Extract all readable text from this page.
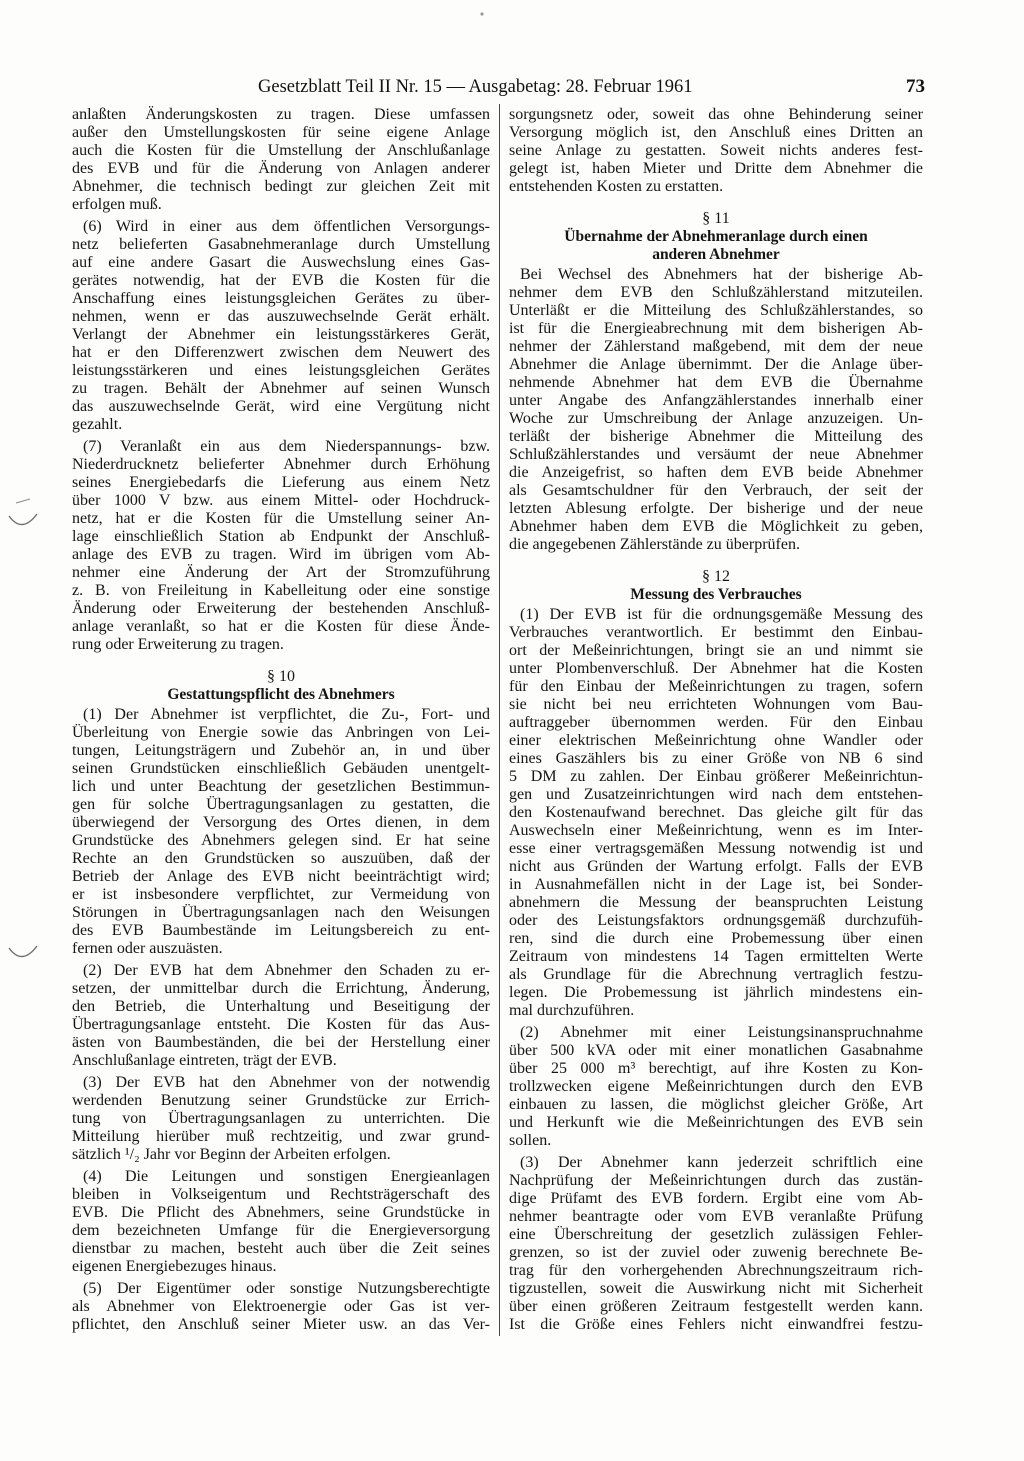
Gesetzblatt Teil II Nr. 15 — Ausgabetag: 28. Februar 1961	73
anlaßten Änderungskosten zu tragen. Diese umfassen
außer den Umstellungskosten für seine eigene Anlage
auch die Kosten für die Umstellung der Anschlußanlage
des EVB und für die Änderung von Anlagen anderer
Abnehmer, die technisch bedingt zur gleichen Zeit mit
erfolgen muß.
(6) Wird in einer aus dem öffentlichen Versorgungs-
netz belieferten Gasabnehmeranlage durch Umstellung
auf eine andere Gasart die Auswechslung eines Gas-
gerätes notwendig, hat der EVB die Kosten für die
Anschaffung eines leistungsgleichen Gerätes zu über-
nehmen, wenn er das auszuwechselnde Gerät erhält.
Verlangt der Abnehmer ein leistungsstärkeres Gerät,
hat er den Differenzwert zwischen dem Neuwert des
leistungsstärkeren und eines leistungsgleichen Gerätes
zu tragen. Behält der Abnehmer auf seinen Wunsch
das auszuwechselnde Gerät, wird eine Vergütung nicht
gezahlt.
(7) Veranlaßt ein aus dem Niederspannungs- bzw.
Niederdrucknetz belieferter Abnehmer durch Erhöhung
seines Energiebedarfs die Lieferung aus einem Netz
über 1000 V bzw. aus einem Mittel- oder Hochdruck-
netz, hat er die Kosten für die Umstellung seiner An-
lage einschließlich Station ab Endpunkt der Anschluß-
anlage des EVB zu tragen. Wird im übrigen vom Ab-
nehmer eine Änderung der Art der Stromzuführung
z. B. von Freileitung in Kabelleitung oder eine sonstige
Änderung oder Erweiterung der bestehenden Anschluß-
anlage veranlaßt, so hat er die Kosten für diese Ände-
rung oder Erweiterung zu tragen.
§ 10
Gestattungspflicht des Abnehmers
(1) Der Abnehmer ist verpflichtet, die Zu-, Fort- und
Überleitung von Energie sowie das Anbringen von Lei-
tungen, Leitungsträgern und Zubehör an, in und über
seinen Grundstücken einschließlich Gebäuden unentgelt-
lich und unter Beachtung der gesetzlichen Bestimmun-
gen für solche Übertragungsanlagen zu gestatten, die
überwiegend der Versorgung des Ortes dienen, in dem
Grundstücke des Abnehmers gelegen sind. Er hat seine
Rechte an den Grundstücken so auszuüben, daß der
Betrieb der Anlage des EVB nicht beeinträchtigt wird;
er ist insbesondere verpflichtet, zur Vermeidung von
Störungen in Übertragungsanlagen nach den Weisungen
des EVB Baumbestände im Leitungsbereich zu ent-
fernen oder auszuästen.
(2) Der EVB hat dem Abnehmer den Schaden zu er-
setzen, der unmittelbar durch die Errichtung, Änderung,
den Betrieb, die Unterhaltung und Beseitigung der
Übertragungsanlage entsteht. Die Kosten für das Aus-
ästen von Baumbeständen, die bei der Herstellung einer
Anschlußanlage eintreten, trägt der EVB.
(3) Der EVB hat den Abnehmer von der notwendig
werdenden Benutzung seiner Grundstücke zur Errich-
tung von Übertragungsanlagen zu unterrichten. Die
Mitteilung hierüber muß rechtzeitig, und zwar grund-
sätzlich ¹/₂ Jahr vor Beginn der Arbeiten erfolgen.
(4) Die Leitungen und sonstigen Energieanlagen
bleiben in Volkseigentum und Rechtsträgerschaft des
EVB. Die Pflicht des Abnehmers, seine Grundstücke in
dem bezeichneten Umfange für die Energieversorgung
dienstbar zu machen, besteht auch über die Zeit seines
eigenen Energiebezuges hinaus.
(5) Der Eigentümer oder sonstige Nutzungsberechtigte
als Abnehmer von Elektroenergie oder Gas ist ver-
pflichtet, den Anschluß seiner Mieter usw. an das Ver-
sorgungsnetz oder, soweit das ohne Behinderung seiner
Versorgung möglich ist, den Anschluß eines Dritten an
seine Anlage zu gestatten. Soweit nichts anderes fest-
gelegt ist, haben Mieter und Dritte dem Abnehmer die
entstehenden Kosten zu erstatten.
§ 11
Übernahme der Abnehmeranlage durch einen
anderen Abnehmer
Bei Wechsel des Abnehmers hat der bisherige Ab-
nehmer dem EVB den Schlußzählerstand mitzuteilen.
Unterläßt er die Mitteilung des Schlußzählerstandes, so
ist für die Energieabrechnung mit dem bisherigen Ab-
nehmer der Zählerstand maßgebend, mit dem der neue
Abnehmer die Anlage übernimmt. Der die Anlage über-
nehmende Abnehmer hat dem EVB die Übernahme
unter Angabe des Anfangzählerstandes innerhalb einer
Woche zur Umschreibung der Anlage anzuzeigen. Un-
terläßt der bisherige Abnehmer die Mitteilung des
Schlußzählerstandes und versäumt der neue Abnehmer
die Anzeigefrist, so haften dem EVB beide Abnehmer
als Gesamtschuldner für den Verbrauch, der seit der
letzten Ablesung erfolgte. Der bisherige und der neue
Abnehmer haben dem EVB die Möglichkeit zu geben,
die angegebenen Zählerstände zu überprüfen.
§ 12
Messung des Verbrauches
(1) Der EVB ist für die ordnungsgemäße Messung des
Verbrauches verantwortlich. Er bestimmt den Einbau-
ort der Meßeinrichtungen, bringt sie an und nimmt sie
unter Plombenverschluß. Der Abnehmer hat die Kosten
für den Einbau der Meßeinrichtungen zu tragen, sofern
sie nicht bei neu errichteten Wohnungen vom Bau-
auftraggeber übernommen werden. Für den Einbau
einer elektrischen Meßeinrichtung ohne Wandler oder
eines Gaszählers bis zu einer Größe von NB 6 sind
5 DM zu zahlen. Der Einbau größerer Meßeinrichtun-
gen und Zusatzeinrichtungen wird nach dem entstehen-
den Kostenaufwand berechnet. Das gleiche gilt für das
Auswechseln einer Meßeinrichtung, wenn es im Inter-
esse einer vertragsgemäßen Messung notwendig ist und
nicht aus Gründen der Wartung erfolgt. Falls der EVB
in Ausnahmefällen nicht in der Lage ist, bei Sonder-
abnehmern die Messung der beanspruchten Leistung
oder des Leistungsfaktors ordnungsgemäß durchzufüh-
ren, sind die durch eine Probemessung über einen
Zeitraum von mindestens 14 Tagen ermittelten Werte
als Grundlage für die Abrechnung vertraglich festzu-
legen. Die Probemessung ist jährlich mindestens ein-
mal durchzuführen.
(2) Abnehmer mit einer Leistungsinanspruchnahme
über 500 kVA oder mit einer monatlichen Gasabnahme
über 25 000 m³ berechtigt, auf ihre Kosten zu Kon-
trollzwecken eigene Meßeinrichtungen durch den EVB
einbauen zu lassen, die möglichst gleicher Größe, Art
und Herkunft wie die Meßeinrichtungen des EVB sein
sollen.
(3) Der Abnehmer kann jederzeit schriftlich eine
Nachprüfung der Meßeinrichtungen durch das zustän-
dige Prüfamt des EVB fordern. Ergibt eine vom Ab-
nehmer beantragte oder vom EVB veranlaßte Prüfung
eine Überschreitung der gesetzlich zulässigen Fehler-
grenzen, so ist der zuviel oder zuwenig berechnete Be-
trag für den vorhergehenden Abrechnungszeitraum rich-
tigzustellen, soweit die Auswirkung nicht mit Sicherheit
über einen größeren Zeitraum festgestellt werden kann.
Ist die Größe eines Fehlers nicht einwandfrei festzu-
